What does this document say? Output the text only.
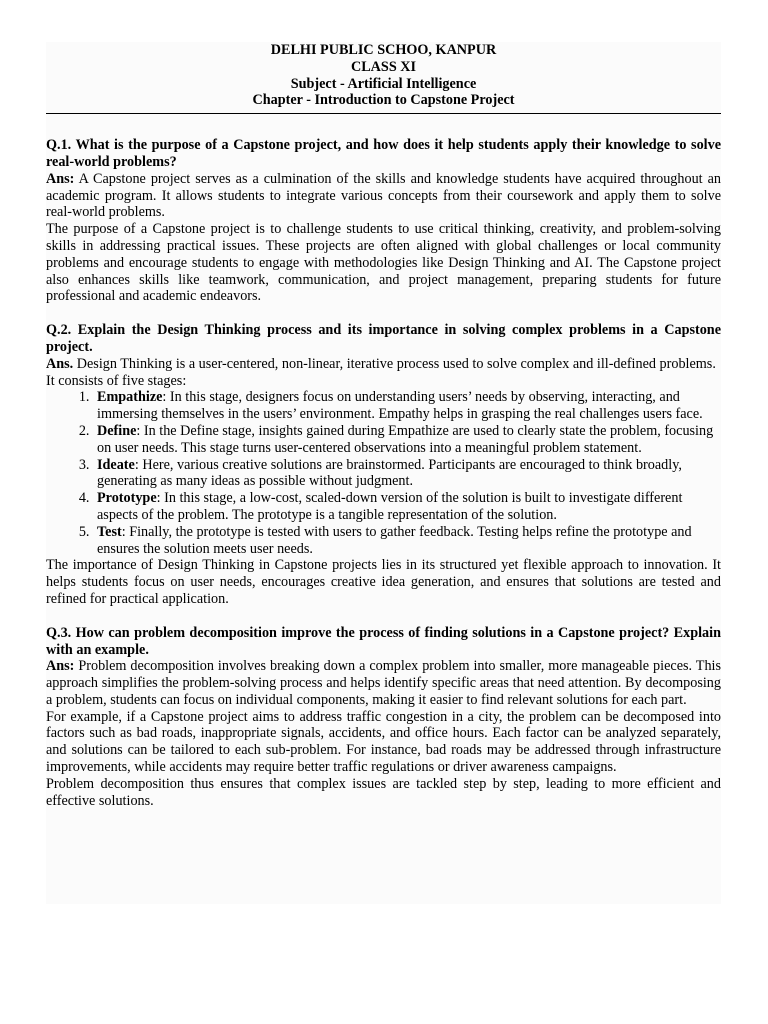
DELHI PUBLIC SCHOO, KANPUR
CLASS XI
Subject - Artificial Intelligence
Chapter - Introduction to Capstone Project
Q.1. What is the purpose of a Capstone project, and how does it help students apply their knowledge to solve real-world problems?

Ans: A Capstone project serves as a culmination of the skills and knowledge students have acquired throughout an academic program. It allows students to integrate various concepts from their coursework and apply them to solve real-world problems.

The purpose of a Capstone project is to challenge students to use critical thinking, creativity, and problem-solving skills in addressing practical issues. These projects are often aligned with global challenges or local community problems and encourage students to engage with methodologies like Design Thinking and AI. The Capstone project also enhances skills like teamwork, communication, and project management, preparing students for future professional and academic endeavors.

Q.2. Explain the Design Thinking process and its importance in solving complex problems in a Capstone project.

Ans. Design Thinking is a user-centered, non-linear, iterative process used to solve complex and ill-defined problems. It consists of five stages:

1. Empathize: In this stage, designers focus on understanding users’ needs by observing, interacting, and immersing themselves in the users’ environment. Empathy helps in grasping the real challenges users face.
2. Define: In the Define stage, insights gained during Empathize are used to clearly state the problem, focusing on user needs. This stage turns user-centered observations into a meaningful problem statement.
3. Ideate: Here, various creative solutions are brainstormed. Participants are encouraged to think broadly, generating as many ideas as possible without judgment.
4. Prototype: In this stage, a low-cost, scaled-down version of the solution is built to investigate different aspects of the problem. The prototype is a tangible representation of the solution.
5. Test: Finally, the prototype is tested with users to gather feedback. Testing helps refine the prototype and ensures the solution meets user needs.

The importance of Design Thinking in Capstone projects lies in its structured yet flexible approach to innovation. It helps students focus on user needs, encourages creative idea generation, and ensures that solutions are tested and refined for practical application.

Q.3. How can problem decomposition improve the process of finding solutions in a Capstone project? Explain with an example.

Ans: Problem decomposition involves breaking down a complex problem into smaller, more manageable pieces. This approach simplifies the problem-solving process and helps identify specific areas that need attention. By decomposing a problem, students can focus on individual components, making it easier to find relevant solutions for each part.

For example, if a Capstone project aims to address traffic congestion in a city, the problem can be decomposed into factors such as bad roads, inappropriate signals, accidents, and office hours. Each factor can be analyzed separately, and solutions can be tailored to each sub-problem. For instance, bad roads may be addressed through infrastructure improvements, while accidents may require better traffic regulations or driver awareness campaigns.

Problem decomposition thus ensures that complex issues are tackled step by step, leading to more efficient and effective solutions.
